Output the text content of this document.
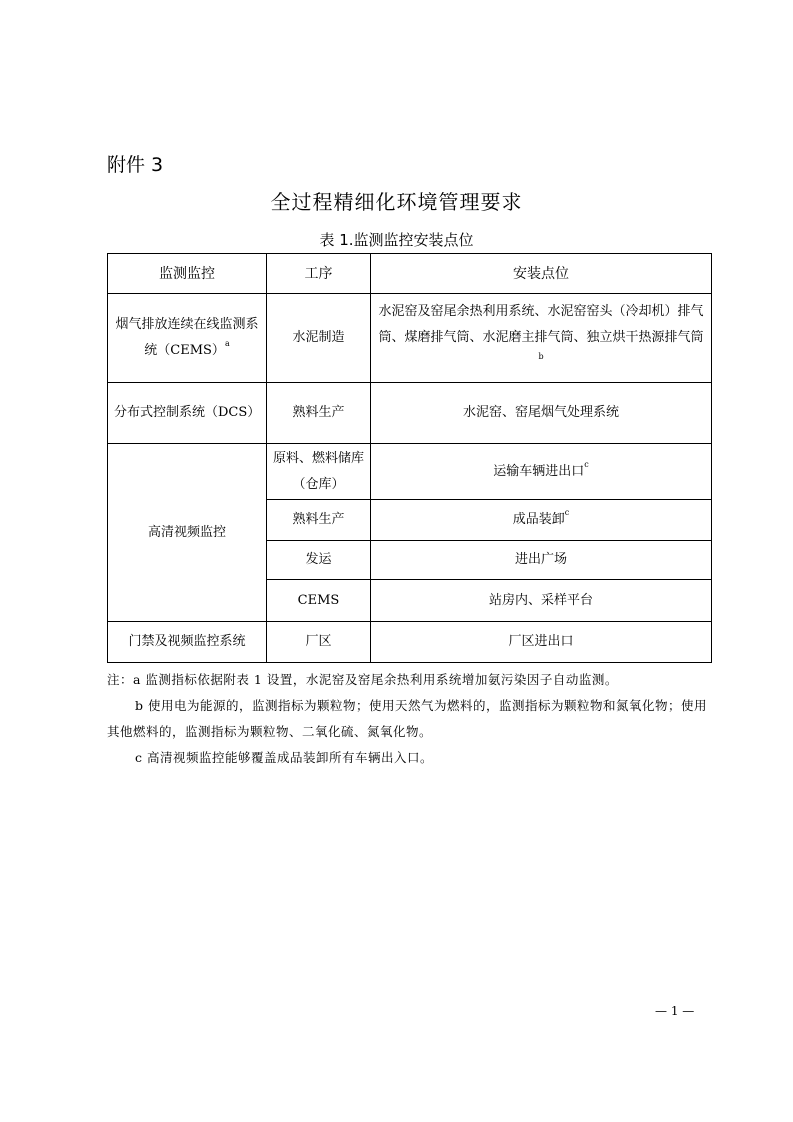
附件 3
全过程精细化环境管理要求
表 1.监测监控安装点位
监测监控	工序	安装点位
烟气排放连续在线监测系统（CEMS）$^a$	水泥制造	水泥窑及窑尾余热利用系统、水泥窑窑头（冷却机）排气筒、煤磨排气筒、水泥磨主排气筒、独立烘干热源排气筒$^b$
分布式控制系统（DCS）	熟料生产	水泥窑、窑尾烟气处理系统
高清视频监控	原料、燃料储库（仓库）	运输车辆进出口$^c$
	熟料生产	成品装卸$^c$
	发运	进出广场
	CEMS	站房内、采样平台
门禁及视频监控系统	厂区	厂区进出口

注：a 监测指标依据附表 1 设置，水泥窑及窑尾余热利用系统增加氨污染因子自动监测。

b 使用电为能源的，监测指标为颗粒物；使用天然气为燃料的，监测指标为颗粒物和氮氧化物；使用其他燃料的，监测指标为颗粒物、二氧化硫、氮氧化物。

c 高清视频监控能够覆盖成品装卸所有车辆出入口。

— 1 —
